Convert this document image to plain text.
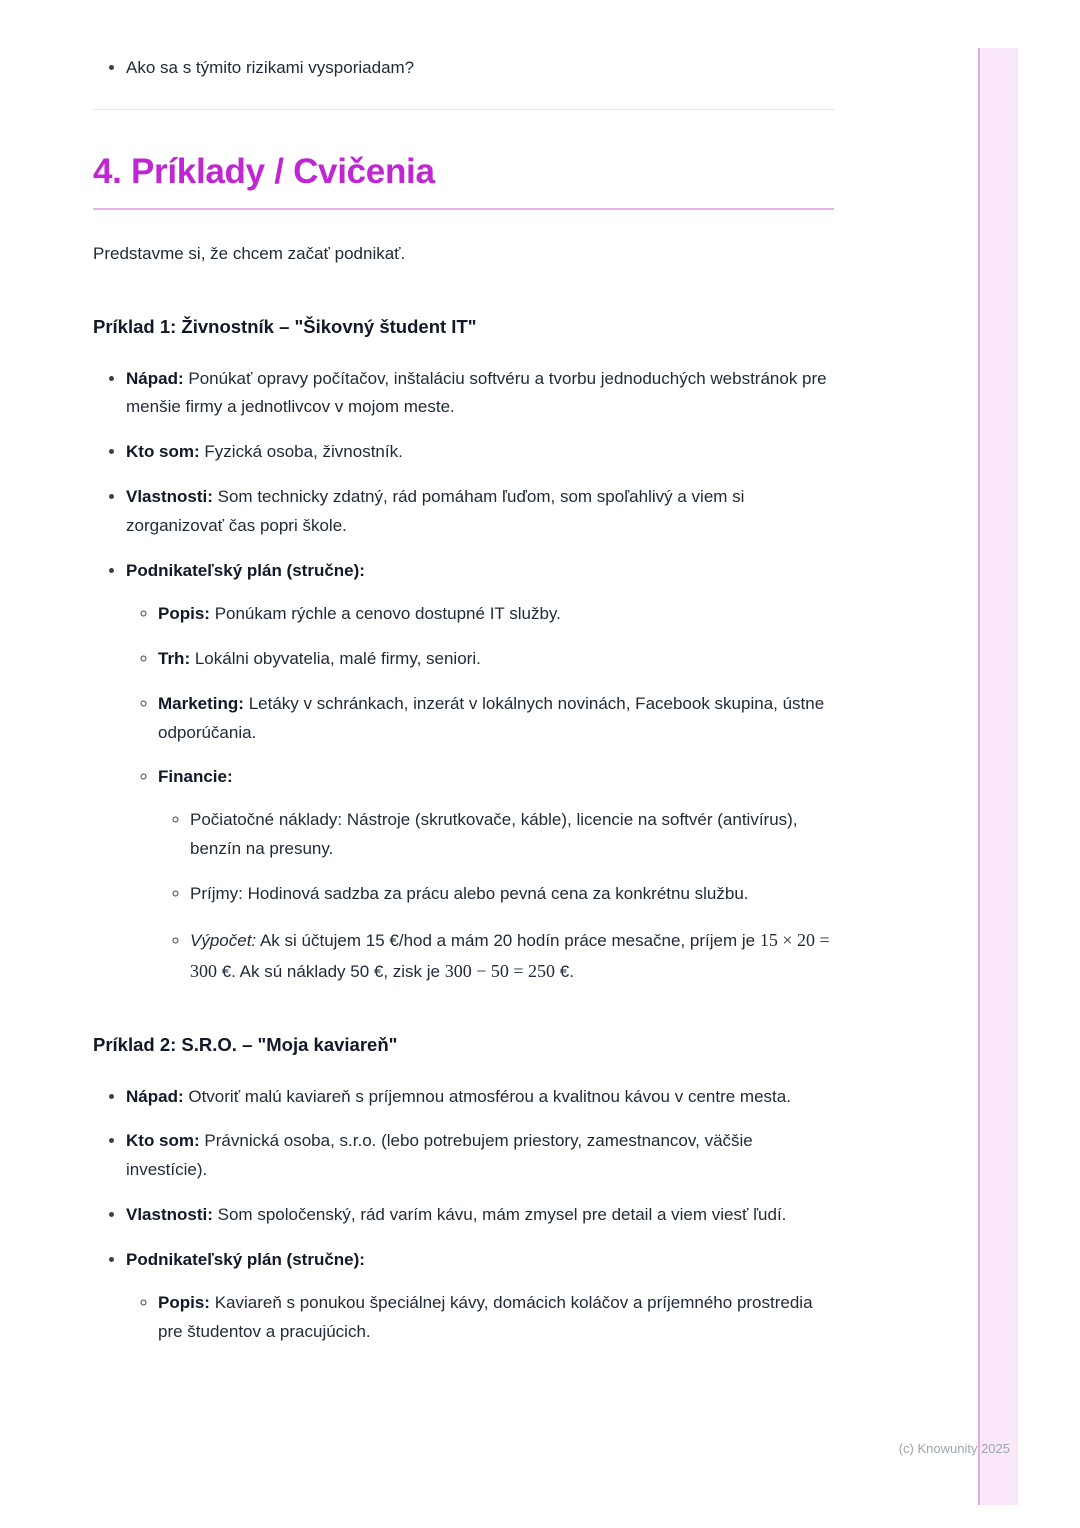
• Ako sa s týmito rizikami vysporiadam?
4. Príklady / Cvičenia

Predstavme si, že chcem začať podnikať.

Príklad 1: Živnostník – "Šikovný študent IT"
• Nápad: Ponúkať opravy počítačov, inštaláciu softvéru a tvorbu jednoduchých webstránok pre menšie firmy a jednotlivcov v mojom meste.
• Kto som: Fyzická osoba, živnostník.
• Vlastnosti: Som technicky zdatný, rád pomáham ľuďom, som spoľahlivý a viem si zorganizovať čas popri škole.
• Podnikateľský plán (stručne):
◦ Popis: Ponúkam rýchle a cenovo dostupné IT služby.
◦ Trh: Lokálni obyvatelia, malé firmy, seniori.
◦ Marketing: Letáky v schránkach, inzerát v lokálnych novinách, Facebook skupina, ústne odporúčania.
◦ Financie:
◦ Počiatočné náklady: Nástroje (skrutkovače, káble), licencie na softvér (antivírus), benzín na presuny.
◦ Príjmy: Hodinová sadzba za prácu alebo pevná cena za konkrétnu službu.
◦ Výpočet: Ak si účtujem 15 €/hod a mám 20 hodín práce mesačne, príjem je 15 × 20 = 300 €. Ak sú náklady 50 €, zisk je 300 − 50 = 250 €.
Príklad 2: S.R.O. – "Moja kaviareň"
• Nápad: Otvoriť malú kaviareň s príjemnou atmosférou a kvalitnou kávou v centre mesta.
• Kto som: Právnická osoba, s.r.o. (lebo potrebujem priestory, zamestnancov, väčšie investície).
• Vlastnosti: Som spoločenský, rád varím kávu, mám zmysel pre detail a viem viesť ľudí.
• Podnikateľský plán (stručne):
◦ Popis: Kaviareň s ponukou špeciálnej kávy, domácich koláčov a príjemného prostredia pre študentov a pracujúcich.
(c) Knowunity 2025
